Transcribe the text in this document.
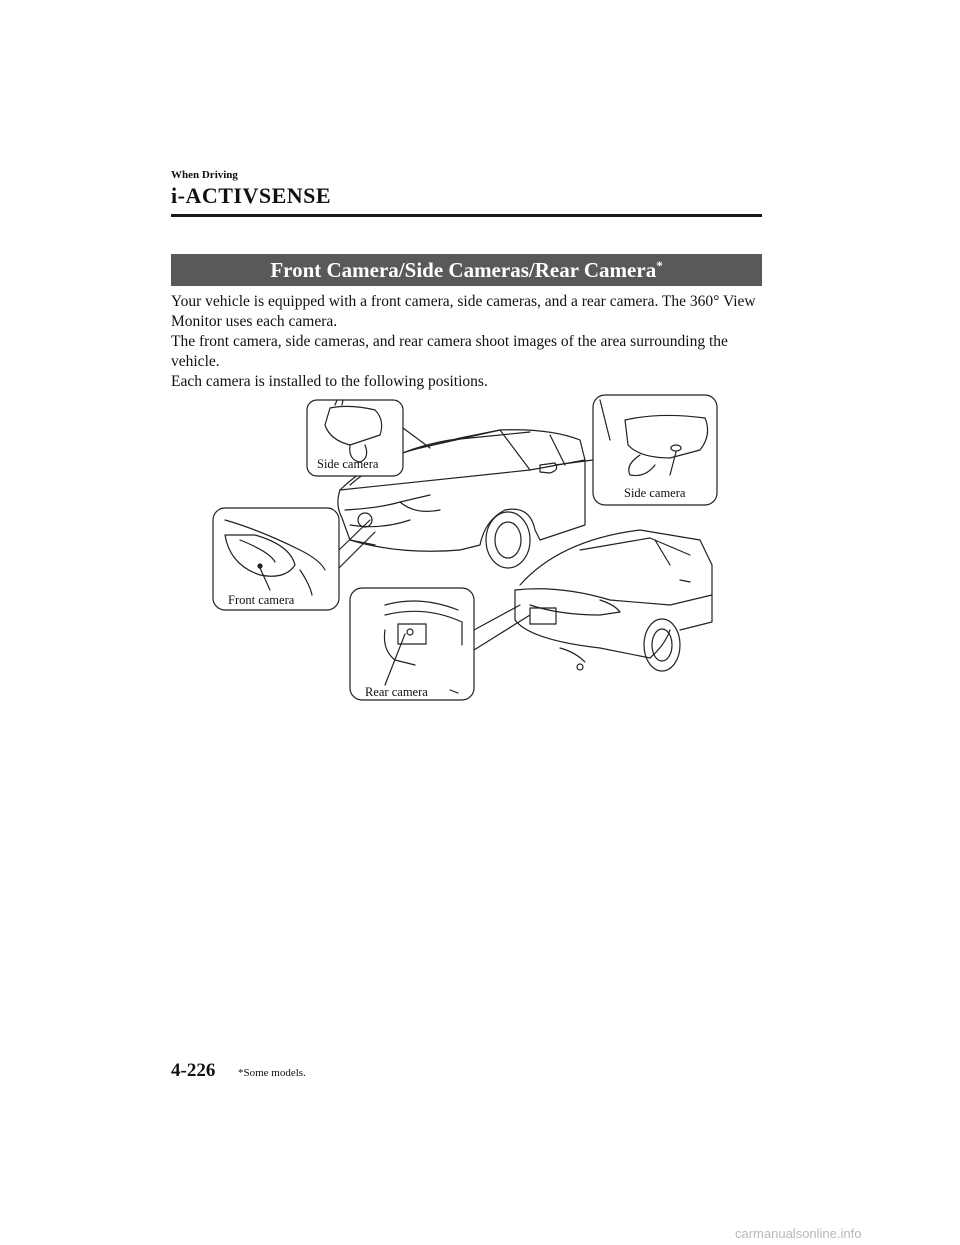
When Driving
i-ACTIVSENSE
Front Camera/Side Cameras/Rear Camera*

Your vehicle is equipped with a front camera, side cameras, and a rear camera. The 360° View Monitor uses each camera.

The front camera, side cameras, and rear camera shoot images of the area surrounding the vehicle.

Each camera is installed to the following positions.

Side camera
Side camera
Front camera
Rear camera
4-226 *Some models.
carmanualsonline.info
